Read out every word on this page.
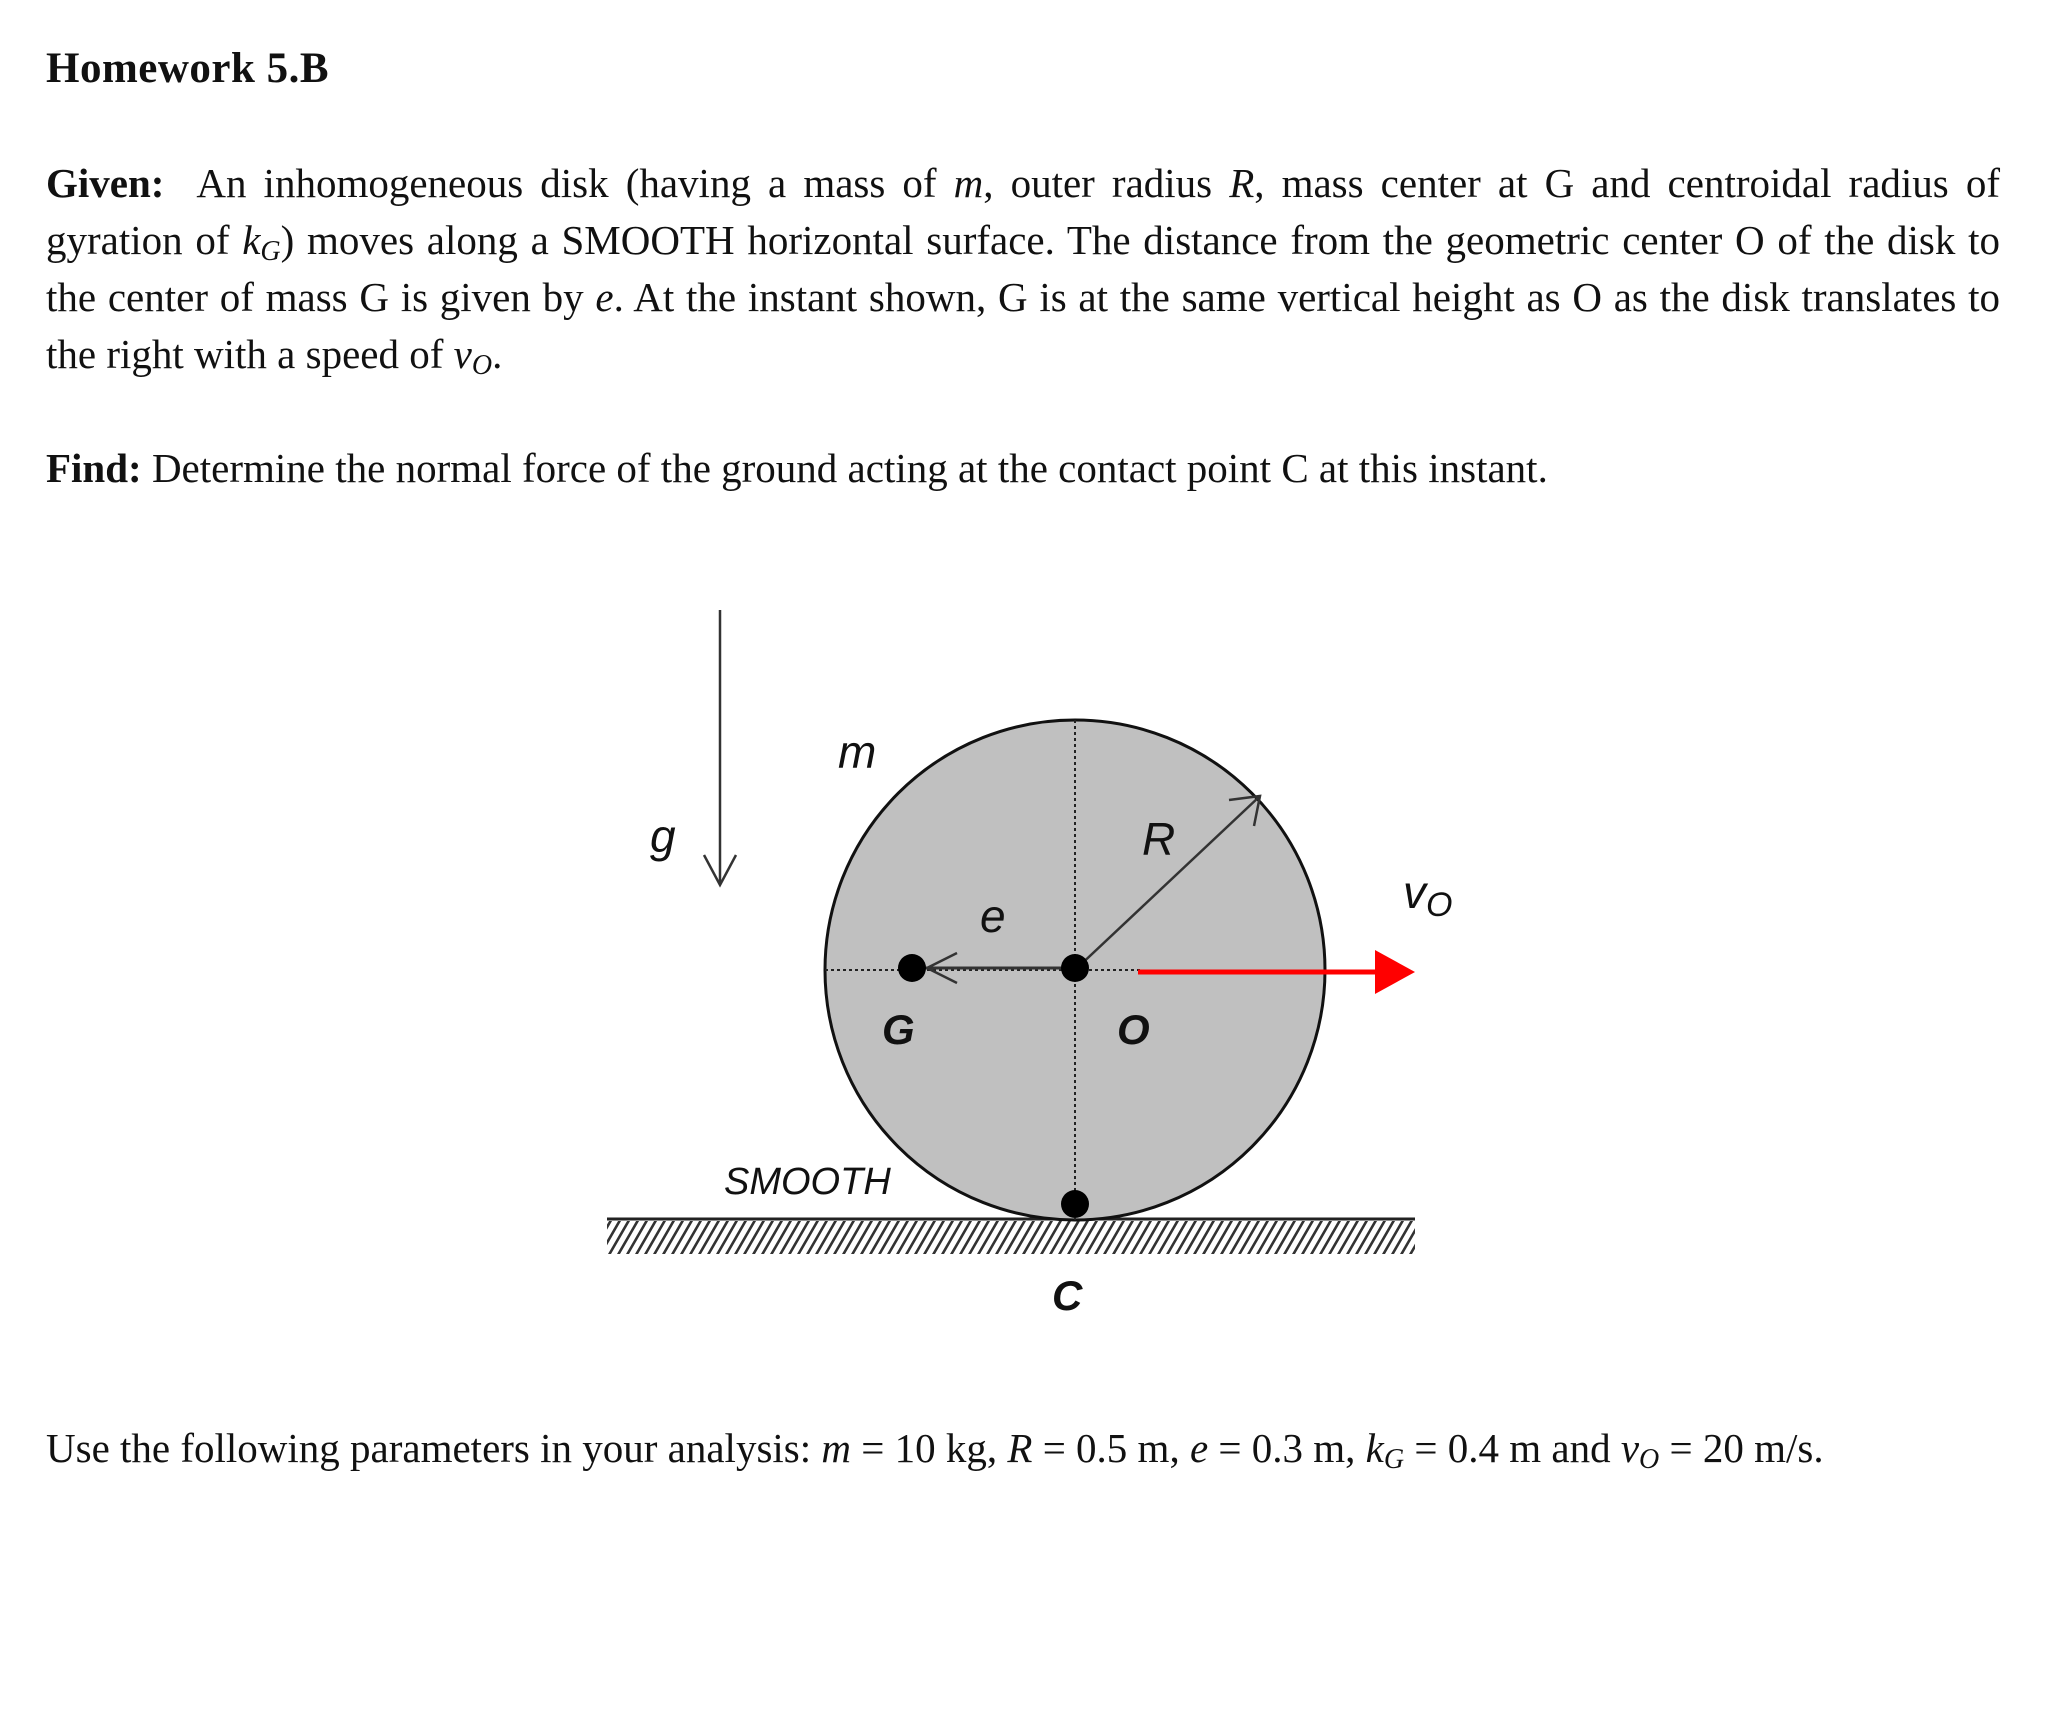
Homework 5.B
Given: An inhomogeneous disk (having a mass of m, outer radius R, mass center at G and centroidal radius of gyration of $k_G$) moves along a SMOOTH horizontal surface. The distance from the geometric center O of the disk to the center of mass G is given by e. At the instant shown, G is at the same vertical height as O as the disk translates to the right with a speed of $v_O$.
Find: Determine the normal force of the ground acting at the contact point C at this instant.
g
m
R
e	vO
G	O
C
SMOOTH
Use the following parameters in your analysis: m = 10 kg, R = 0.5 m, e = 0.3 m, $k_G = 0.4$ m and $v_O = 20$ m/s.
